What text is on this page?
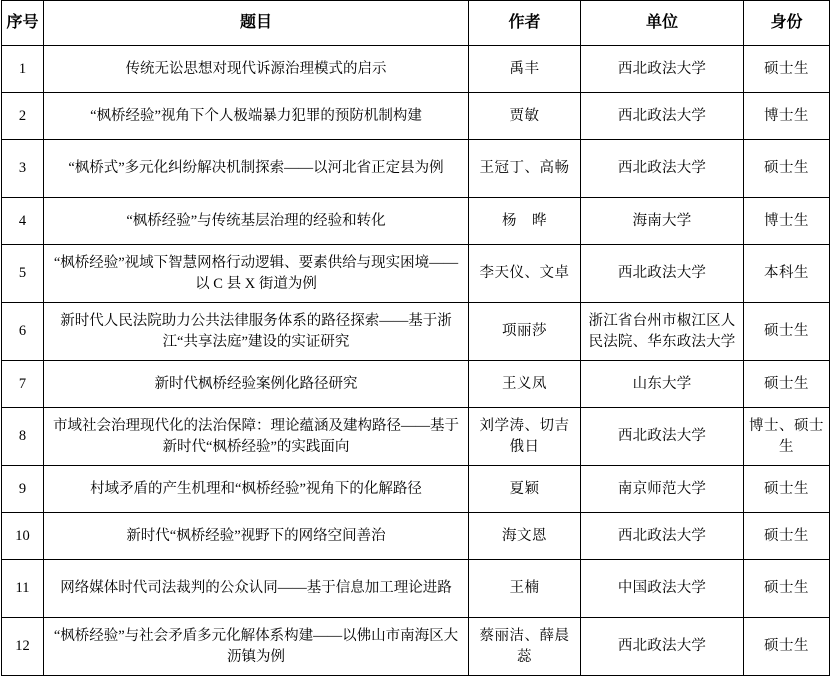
序号	题目	作者	单位	身份
1	传统无讼思想对现代诉源治理模式的启示	禹丰	西北政法大学	硕士生
2	“枫桥经验”视角下个人极端暴力犯罪的预防机制构建	贾敏	西北政法大学	博士生
3	“枫桥式”多元化纠纷解决机制探索——以河北省正定县为例	王冠丁、高畅	西北政法大学	硕士生
4	“枫桥经验”与传统基层治理的经验和转化	杨　晔	海南大学	博士生
5	“枫桥经验”视域下智慧网格行动逻辑、要素供给与现实困境——以 C 县 X 街道为例	李天仪、文卓	西北政法大学	本科生
6	新时代人民法院助力公共法律服务体系的路径探索——基于浙江“共享法庭”建设的实证研究	项丽莎	浙江省台州市椒江区人民法院、华东政法大学	硕士生
7	新时代枫桥经验案例化路径研究	王义凤	山东大学	硕士生
8	市域社会治理现代化的法治保障：理论蕴涵及建构路径——基于新时代“枫桥经验”的实践面向	刘学涛、切吉俄日	西北政法大学	博士、硕士生
9	村域矛盾的产生机理和“枫桥经验”视角下的化解路径	夏颖	南京师范大学	硕士生
10	新时代“枫桥经验”视野下的网络空间善治	海文恩	西北政法大学	硕士生
11	网络媒体时代司法裁判的公众认同——基于信息加工理论进路	王楠	中国政法大学	硕士生
12	“枫桥经验”与社会矛盾多元化解体系构建——以佛山市南海区大沥镇为例	蔡丽洁、薛晨蕊	西北政法大学	硕士生
